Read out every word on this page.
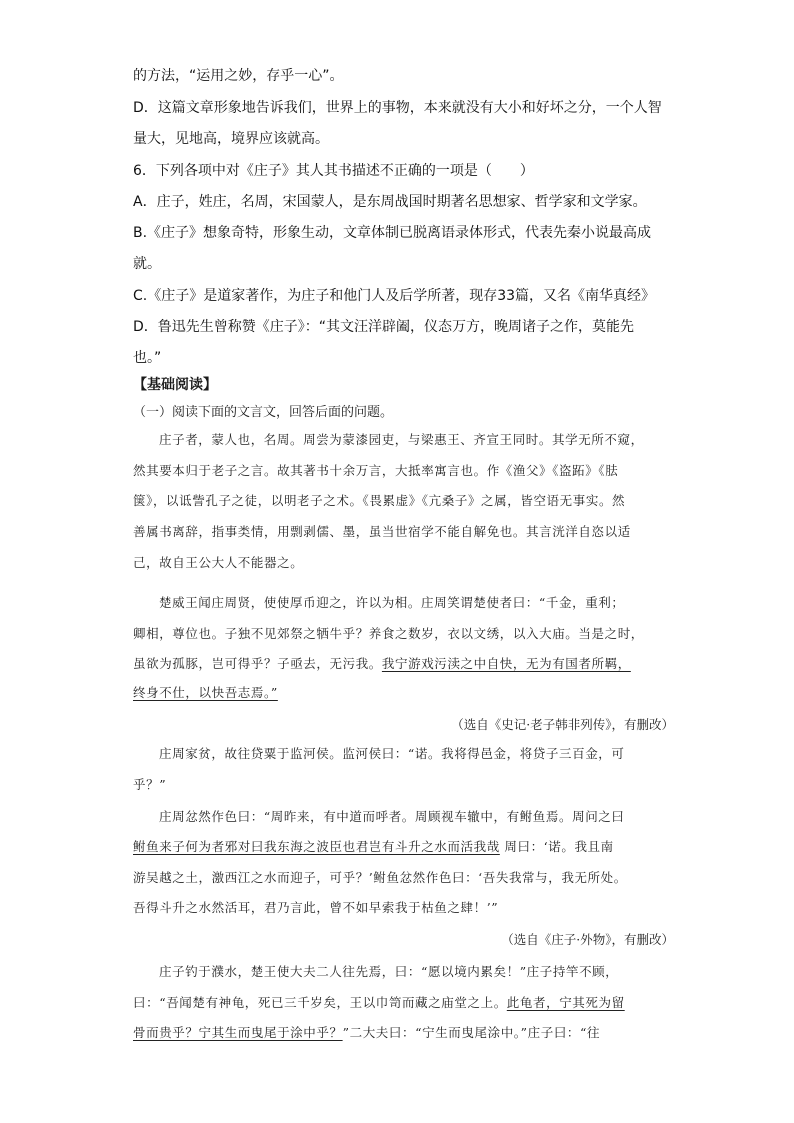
的方法，“运用之妙，存乎一心”。
D．这篇文章形象地告诉我们，世界上的事物，本来就没有大小和好坏之分，一个人智
量大，见地高，境界应该就高。
6．下列各项中对《庄子》其人其书描述不正确的一项是（　　）
A．庄子，姓庄，名周，宋国蒙人，是东周战国时期著名思想家、哲学家和文学家。
B.《庄子》想象奇特，形象生动，文章体制已脱离语录体形式，代表先秦小说最高成
就。
C.《庄子》是道家著作，为庄子和他门人及后学所著，现存33篇，又名《南华真经》
D．鲁迅先生曾称赞《庄子》：“其文汪洋辟阖，仪态万方，晚周诸子之作，莫能先
也。”
【基础阅读】
（一）阅读下面的文言文，回答后面的问题。
庄子者，蒙人也，名周。周尝为蒙漆园吏，与梁惠王、齐宣王同时。其学无所不窥，
然其要本归于老子之言。故其著书十余万言，大抵率寓言也。作《渔父》《盗跖》《胠
箧》，以诋訾孔子之徒，以明老子之术。《畏累虚》《亢桑子》之属，皆空语无事实。然
善属书离辞，指事类情，用剽剥儒、墨，虽当世宿学不能自解免也。其言洸洋自恣以适
己，故自王公大人不能器之。
楚威王闻庄周贤，使使厚币迎之，许以为相。庄周笑谓楚使者曰：“千金，重利；
卿相，尊位也。子独不见郊祭之牺牛乎？养食之数岁，衣以文绣，以入大庙。当是之时，
虽欲为孤豚，岂可得乎？子亟去，无污我。我宁游戏污渎之中自快，无为有国者所羁，
终身不仕，以快吾志焉。”
（选自《史记·老子韩非列传》，有删改）
庄周家贫，故往贷粟于监河侯。监河侯曰：“诺。我将得邑金，将贷子三百金，可
乎？”
庄周忿然作色曰：“周昨来，有中道而呼者。周顾视车辙中，有鲋鱼焉。周问之曰
鲋鱼来子何为者邪对曰我东海之波臣也君岂有斗升之水而活我哉 周曰：‘诺。我且南
游吴越之土，激西江之水而迎子，可乎？’鲋鱼忿然作色曰：‘吾失我常与，我无所处。
吾得斗升之水然活耳，君乃言此，曾不如早索我于枯鱼之肆！’”
（选自《庄子·外物》，有删改）
庄子钓于濮水，楚王使大夫二人往先焉，曰：“愿以境内累矣！”庄子持竿不顾，
曰：“吾闻楚有神龟，死已三千岁矣，王以巾笥而藏之庙堂之上。此龟者，宁其死为留
骨而贵乎？宁其生而曳尾于涂中乎？”二大夫曰：“宁生而曳尾涂中。”庄子曰：“往
